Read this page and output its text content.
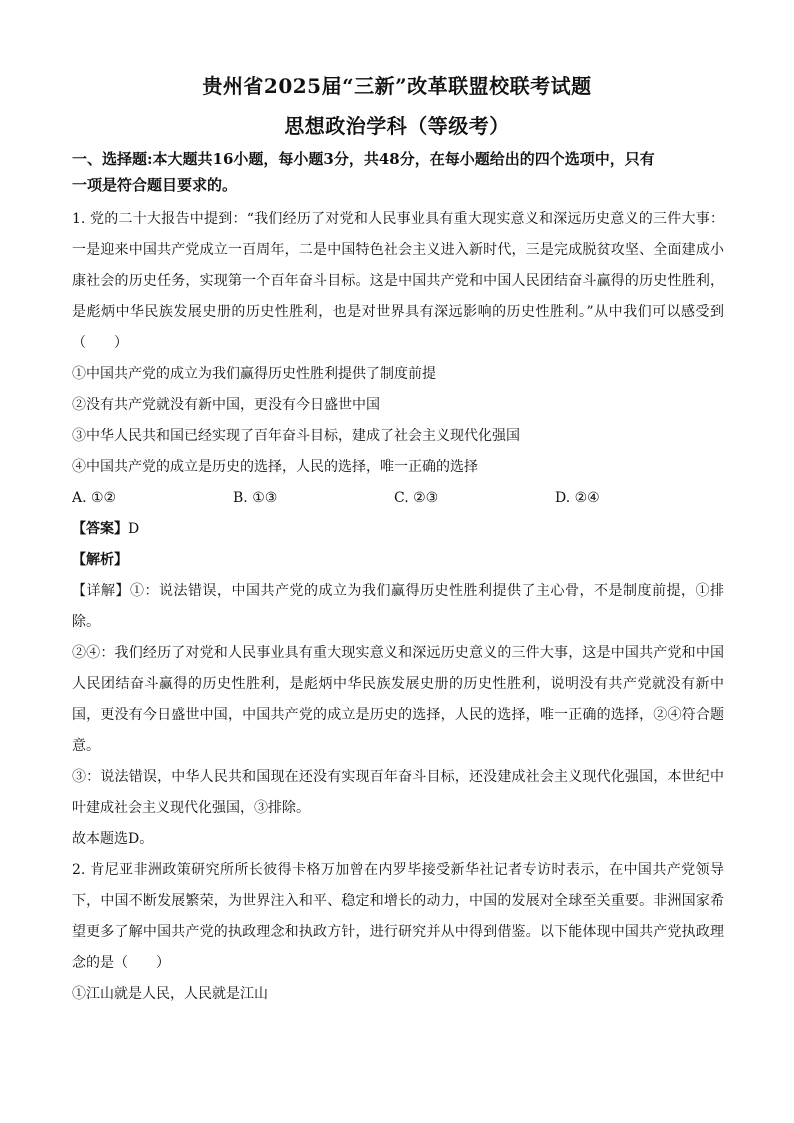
贵州省2025届“三新”改革联盟校联考试题
思想政治学科（等级考）
一、选择题:本大题共16小题，每小题3分，共48分，在每小题给出的四个选项中，只有
一项是符合题目要求的。
1. 党的二十大报告中提到：“我们经历了对党和人民事业具有重大现实意义和深远历史意义的三件大事：
一是迎来中国共产党成立一百周年，二是中国特色社会主义进入新时代，三是完成脱贫攻坚、全面建成小
康社会的历史任务，实现第一个百年奋斗目标。这是中国共产党和中国人民团结奋斗赢得的历史性胜利，
是彪炳中华民族发展史册的历史性胜利，也是对世界具有深远影响的历史性胜利。”从中我们可以感受到
（　　）
①中国共产党的成立为我们赢得历史性胜利提供了制度前提
②没有共产党就没有新中国，更没有今日盛世中国
③中华人民共和国已经实现了百年奋斗目标，建成了社会主义现代化强国
④中国共产党的成立是历史的选择，人民的选择，唯一正确的选择
A. ①②	B. ①③	C. ②③	D. ②④
【答案】D
【解析】
【详解】①：说法错误，中国共产党的成立为我们赢得历史性胜利提供了主心骨，不是制度前提，①排
除。
②④：我们经历了对党和人民事业具有重大现实意义和深远历史意义的三件大事，这是中国共产党和中国
人民团结奋斗赢得的历史性胜利，是彪炳中华民族发展史册的历史性胜利，说明没有共产党就没有新中
国，更没有今日盛世中国，中国共产党的成立是历史的选择，人民的选择，唯一正确的选择，②④符合题
意。
③：说法错误，中华人民共和国现在还没有实现百年奋斗目标，还没建成社会主义现代化强国，本世纪中
叶建成社会主义现代化强国，③排除。
故本题选D。
2. 肯尼亚非洲政策研究所所长彼得卡格万加曾在内罗毕接受新华社记者专访时表示，在中国共产党领导
下，中国不断发展繁荣，为世界注入和平、稳定和增长的动力，中国的发展对全球至关重要。非洲国家希
望更多了解中国共产党的执政理念和执政方针，进行研究并从中得到借鉴。以下能体现中国共产党执政理
念的是（　　）
①江山就是人民，人民就是江山
